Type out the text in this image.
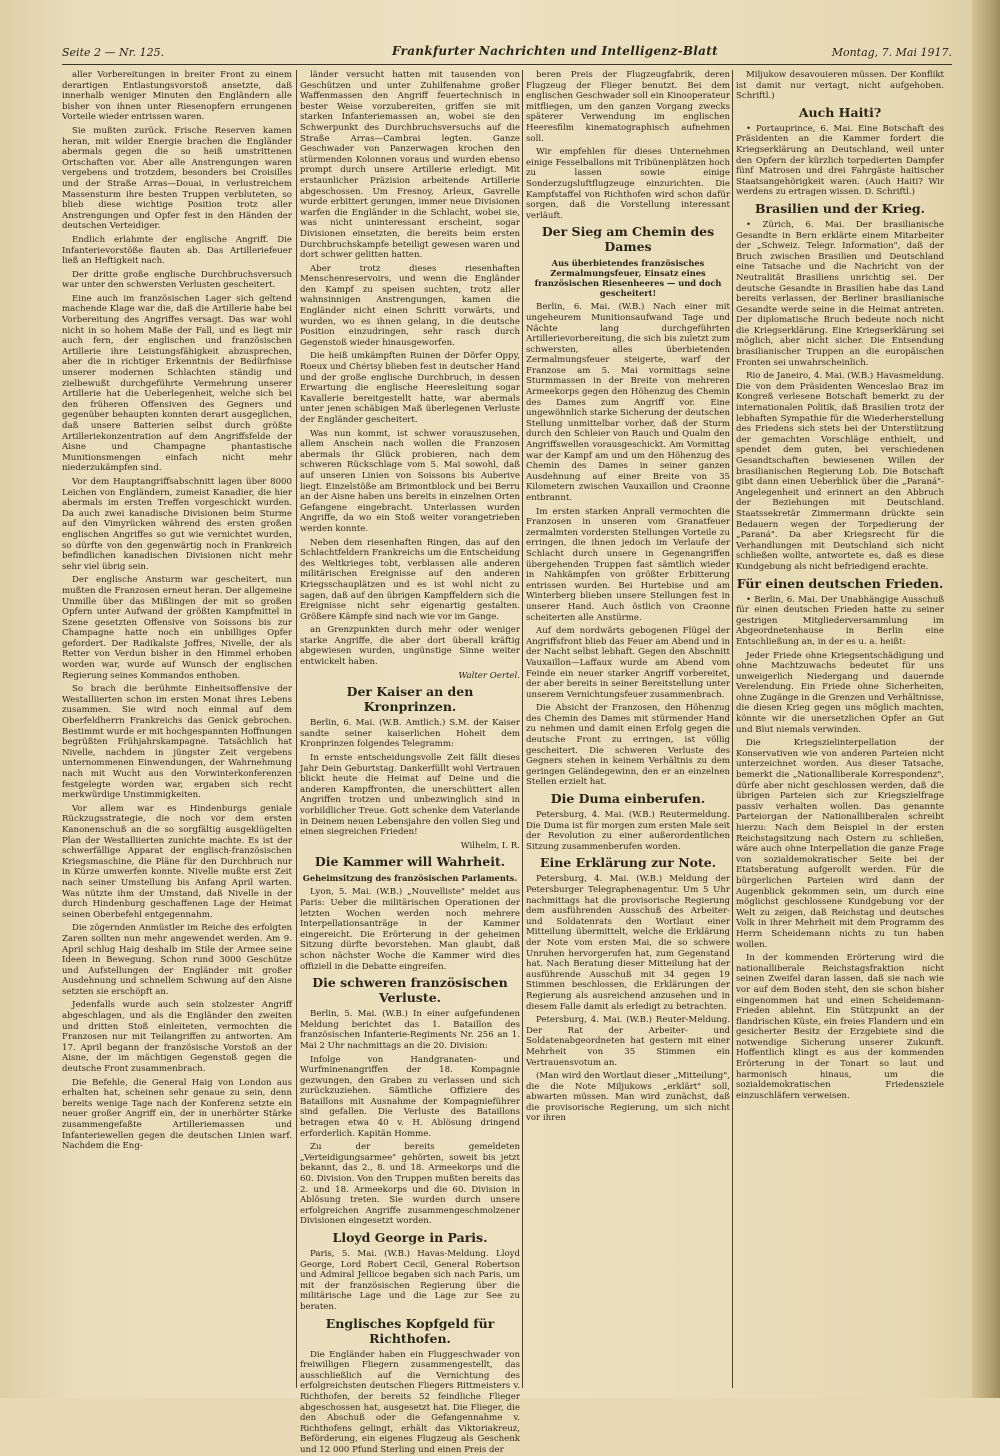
Seite 2 — Nr. 125.	Frankfurter Nachrichten und Intelligenz-Blatt	Montag, 7. Mai 1917.

aller Vorbereitungen in breiter Front zu einem derartigen Entlastungsvorstoß ansetzte, daß innerhalb weniger Minuten den Engländern alle bisher von ihnen unter Riesenopfern errungenen Vorteile wieder entrissen waren.

Sie mußten zurück. Frische Reserven kamen heran, mit wilder Energie brachen die Engländer abermals gegen die so heiß umstrittenen Ortschaften vor. Aber alle Anstrengungen waren vergebens und trotzdem, besonders bei Croisilles und der Straße Arras—Douai, in verlustreichem Massensturm ihre besten Truppen verbluteten, so blieb diese wichtige Position trotz aller Anstrengungen und Opfer fest in den Händen der deutschen Verteidiger.

Endlich erlahmte der englische Angriff. Die Infanterievorstöße flauten ab. Das Artilleriefeuer ließ an Heftigkeit nach.

Der dritte große englische Durchbruchsversuch war unter den schwersten Verlusten gescheitert.

Eine auch im französischen Lager sich geltend machende Klage war die, daß die Artillerie habe bei Vorbereitung des Angriffes versagt. Das war wohl nicht in so hohem Maße der Fall, und es liegt mir auch fern, der englischen und französischen Artillerie ihre Leistungsfähigkeit abzusprechen, aber die in richtiger Erkenntnis der Bedürfnisse unserer modernen Schlachten ständig und zielbewußt durchgeführte Vermehrung unserer Artillerie hat die Ueberlegenheit, welche sich bei den früheren Offensiven des Gegners und gegenüber behaupten konnten derart ausgeglichen, daß unsere Batterien selbst durch größte Artilleriekonzentration auf dem Angriffsfelde der Aisne und Champagne phantastische Munitionsmengen einfach nicht mehr niederzukämpfen sind.

Vor dem Hauptangriffsabschnitt lagen über 8000 Leichen von Engländern, zumeist Kanadier, die hier abermals im ersten Treffen vorgeschickt wurden. Da auch zwei kanadische Divisionen beim Sturme auf den Vimyrücken während des ersten großen englischen Angriffes so gut wie vernichtet wurden, so dürfte von den gegenwärtig noch in Frankreich befindlichen kanadischen Divisionen nicht mehr sehr viel übrig sein.

Der englische Ansturm war gescheitert, nun mußten die Franzosen erneut heran. Der allgemeine Unmille über das Mißlingen der mit so großen Opfern unter Aufwand der größten Kampfmittel in Szene gesetzten Offensive von Soissons bis zur Champagne hatte noch ein unbilliges Opfer gefordert. Der Radikalste Joffres, Nivelle, der als Retter von Verdun bisher in den Himmel erhoben worden war, wurde auf Wunsch der englischen Regierung seines Kommandos enthoben.

So brach die berühmte Einheitsoffensive der Westalliierten schon im ersten Monat ihres Lebens zusammen. Sie wird noch einmal auf dem Oberfeldherrn Frankreichs das Genick gebrochen. Bestimmt wurde er mit hochgespannten Hoffnungen begrüßten Frühjahrskampagne. Tatsächlich hat Nivelle, nachdem in jüngster Zeit vergebens unternommenen Einwendungen, der Wahrnehmung nach mit Wucht aus den Vorwinterkonferenzen festgelegte worden war, ergaben sich recht merkwürdige Unstimmigkeiten.

Vor allem war es Hindenburgs geniale Rückzugsstrategie, die noch vor dem ersten Kanonenschuß an die so sorgfältig ausgeklügelten Plan der Westalliierten zunichte machte. Es ist der schwerfällige Apparat der englisch-französischen Kriegsmaschine, die Pläne für den Durchbruch nur in Kürze umwerfen konnte. Nivelle mußte erst Zeit nach seiner Umstellung bis Anfang April warten. Was nützte ihm der Umstand, daß Nivelle in der durch Hindenburg geschaffenen Lage der Heimat seinen Oberbefehl entgegennahm.

Die zögernden Anmüstler im Reiche des erfolgten Zaren sollten nun mehr angewendet werden. Am 9. April schlug Haig deshalb im Stile der Armee seine Ideen in Bewegung. Schon rund 3000 Geschütze und Aufstellungen der Engländer mit großer Ausdehnung und schnellem Schwung auf den Aisne setzten sie erschöpft an.

Jedenfalls wurde auch sein stolzester Angriff abgeschlagen, und als die Engländer den zweiten und dritten Stoß einleiteten, vermochten die Franzosen nur mit Teilangriffen zu antworten. Am 17. April begann der französische Vorstoß an der Aisne, der im mächtigen Gegenstoß gegen die deutsche Front zusammenbrach.

Die Befehle, die General Haig von London aus erhalten hat, scheinen sehr genaue zu sein, denn bereits wenige Tage nach der Konferenz setzte ein neuer großer Angriff ein, der in unerhörter Stärke zusammengefaßte Artilleriemassen und Infanteriewellen gegen die deutschen Linien warf. Nachdem die Eng-

länder versucht hatten mit tausenden von Geschützen und unter Zuhilfenahme großer Waffenmassen den Angriff feuertechnisch in bester Weise vorzubereiten, griffen sie mit starken Infanteriemassen an, wobei sie den Schwerpunkt des Durchbruchsversuchs auf die Straße Arras—Cambrai legten. Ganze Geschwader von Panzerwagen krochen den stürmenden Kolonnen voraus und wurden ebenso prompt durch unsere Artillerie erledigt. Mit erstaunlicher Präzision arbeitende Artillerie abgeschossen. Um Fresnoy, Arleux, Gavrelle wurde erbittert gerungen, immer neue Divisionen warfen die Engländer in die Schlacht, wobei sie, was nicht uninteressant erscheint, sogar Divisionen einsetzten, die bereits beim ersten Durchbruchskampfe beteiligt gewesen waren und dort schwer gelitten hatten.

Aber trotz dieses riesenhaften Menschenreservoirs, und wenn die Engländer den Kampf zu speisen suchten, trotz aller wahnsinnigen Anstrengungen, kamen die Engländer nicht einen Schritt vorwärts, und wurden, wo es ihnen gelang, in die deutsche Position einzudringen, sehr rasch durch Gegenstoß wieder hinausgeworfen.

Die heiß umkämpften Ruinen der Dörfer Oppy, Roeux und Chérisy blieben fest in deutscher Hand und der große englische Durchbruch, in dessen Erwartung die englische Heeresleitung sogar Kavallerie bereitgestellt hatte, war abermals unter jenen schäbigen Maß überlegenen Verluste der Engländer gescheitert.

Was nun kommt, ist schwer vorauszusehen, allem Anschein nach wollen die Franzosen abermals ihr Glück probieren, nach dem schweren Rückschlage vom 5. Mai sowohl, daß auf unseren Linien von Soissons bis Auberive liegt. Einzelstöße am Brimontblock und bei Berru an der Aisne haben uns bereits in einzelnen Orten Gefangene eingebracht. Unterlassen wurden Angriffe, da wo ein Stoß weiter vorangetrieben werden konnte.

Neben dem riesenhaften Ringen, das auf den Schlachtfeldern Frankreichs um die Entscheidung des Weltkrieges tobt, verblassen alle anderen militärischen Ereignisse auf den anderen Kriegsschauplätzen und es ist wohl nicht zu sagen, daß auf den übrigen Kampffeldern sich die Ereignisse nicht sehr eigenartig gestalten. Größere Kämpfe sind nach wie vor im Gange.

an Grenzpunkten durch mehr oder weniger starke Angriffe, die aber dort überall kräftig abgewiesen wurden, ungünstige Sinne weiter entwickelt haben.

Walter Oertel.

Der Kaiser an den Kronprinzen.

Berlin, 6. Mai. (W.B. Amtlich.) S.M. der Kaiser sandte seiner kaiserlichen Hoheit dem Kronprinzen folgendes Telegramm:

In ernste entscheidungsvolle Zeit fällt dieses Jahr Dein Geburtstag. Dankerfüllt wohl Vertrauen blickt heute die Heimat auf Deine und die anderen Kampffronten, die unerschüttert allen Angriffen trotzen und unbezwinglich sind in vorbildlicher Treue. Gott schenke dem Vaterlande in Deinem neuen Lebensjahre den vollen Sieg und einen siegreichen Frieden!

Wilhelm, I. R.

Die Kammer will Wahrheit.
Geheimsitzung des französischen Parlaments.

Lyon, 5. Mai. (W.B.) „Nouvelliste" meldet aus Paris: Ueber die militärischen Operationen der letzten Wochen werden noch mehrere Interpellationsanträge in der Kammer eingereicht. Die Erörterung in der geheimen Sitzung dürfte bevorstehen. Man glaubt, daß schon nächster Woche die Kammer wird dies offiziell in die Debatte eingreifen.

Die schweren französischen Verluste.

Berlin, 5. Mai. (W.B.) In einer aufgefundenen Meldung berichtet das 1. Bataillon des französischen Infanterie-Regiments Nr. 256 an 1. Mai 2 Uhr nachmittags an die 20. Division:

Infolge von Handgranaten- und Wurfminenangriffen der 18. Kompagnie gezwungen, den Graben zu verlassen und sich zurückzuziehen. Sämtliche Offiziere des Bataillons mit Ausnahme der Kompagnieführer sind gefallen. Die Verluste des Bataillons betragen etwa 40 v. H. Ablösung dringend erforderlich. Kapitän Homme.

Zu der bereits gemeldeten „Verteidigungsarmee" gehörten, soweit bis jetzt bekannt, das 2., 8. und 18. Armeekorps und die 60. Division. Von den Truppen mußten bereits das 2. und 18. Armeekorps und die 60. Division in Ablösung treten. Sie wurden durch unsere erfolgreichen Angriffe zusammengeschmolzener Divisionen eingesetzt worden.

Lloyd George in Paris.

Paris, 5. Mai. (W.B.) Havas-Meldung. Lloyd George, Lord Robert Cecil, General Robertson und Admiral Jellicoe begaben sich nach Paris, um mit der französischen Regierung über die militärische Lage und die Lage zur See zu beraten.

Englisches Kopfgeld für Richthofen.

Die Engländer haben ein Fluggeschwader von freiwilligen Fliegern zusammengestellt, das ausschließlich auf die Vernichtung des erfolgreichsten deutschen Fliegers Rittmeisters v. Richthofen, der bereits 52 feindliche Flieger abgeschossen hat, ausgesetzt hat. Die Flieger, die den Abschuß oder die Gefangennahme v. Richthofens gelingt, erhält das Viktoriakreuz, Beförderung, ein eigenes Flugzeug als Geschenk und 12 000 Pfund Sterling und einen Preis der

beren Preis der Flugzeugfabrik, deren Flugzeug der Flieger benutzt. Bei dem englischen Geschwader soll ein Kinooperateur mitfliegen, um den ganzen Vorgang zwecks späterer Verwendung im englischen Heeresfilm kinematographisch aufnehmen soll.

Wir empfehlen für dieses Unternehmen einige Fesselballons mit Tribünenplätzen hoch zu lassen sowie einige Sonderzugsluftflugzeuge einzurichten. Die Kampfstaffel von Richthofen wird schon dafür sorgen, daß die Vorstellung interessant verläuft.

Der Sieg am Chemin des Dames
Aus überbietendes französisches Zermalmungsfeuer, Einsatz eines französischen Riesenheeres — und doch gescheitert!

Berlin, 6. Mai. (W.B.) Nach einer mit ungeheurem Munitionsaufwand Tage und Nächte lang durchgeführten Artillerievorbereitung, die sich bis zuletzt zum schwersten, alles überbietenden Zermalmungsfeuer steigerte, warf der Franzose am 5. Mai vormittags seine Sturmmassen in der Breite von mehreren Armeekorps gegen den Höhenzug des Chemin des Dames zum Angriff vor. Eine ungewöhnlich starke Sicherung der deutschen Stellung unmittelbar vorher, daß der Sturm durch den Schleier von Rauch und Qualm den Angriffswellen vorausgeschickt. Am Vormittag war der Kampf am und um den Höhenzug des Chemin des Dames in seiner ganzen Ausdehnung auf einer Breite von 35 Kilometern zwischen Vauxaillon und Craonne entbrannt.

Im ersten starken Anprall vermochten die Franzosen in unseren vom Granatfeuer zermalmten vordersten Stellungen Vorteile zu erringen, die ihnen jedoch im Verlaufe der Schlacht durch unsere in Gegenangriffen übergehenden Truppen fast sämtlich wieder in Nahkämpfen von größter Erbitterung entrissen wurden. Bei Hurtebise und am Winterberg blieben unsere Stellungen fest in unserer Hand. Auch östlich von Craonne scheiterten alle Anstürme.

Auf dem nordwärts gebogenen Flügel der Angriffsfront blieb das Feuer am Abend und in der Nacht selbst lebhaft. Gegen den Abschnitt Vauxaillon—Laffaux wurde am Abend vom Feinde ein neuer starker Angriff vorbereitet, der aber bereits in seiner Bereitstellung unter unserem Vernichtungsfeuer zusammenbrach.

Die Absicht der Franzosen, den Höhenzug des Chemin des Dames mit stürmender Hand zu nehmen und damit einen Erfolg gegen die deutsche Front zu erringen, ist völlig gescheitert. Die schweren Verluste des Gegners stehen in keinem Verhältnis zu dem geringen Geländegewinn, den er an einzelnen Stellen erzielt hat.

Die Duma einberufen.

Petersburg, 4. Mai. (W.B.) Reutermeldung. Die Duma ist für morgen zum ersten Male seit der Revolution zu einer außerordentlichen Sitzung zusammenberufen worden.

Eine Erklärung zur Note.

Petersburg, 4. Mai. (W.B.) Meldung der Petersburger Telegraphenagentur. Um 5 Uhr nachmittags hat die provisorische Regierung dem ausführenden Ausschuß des Arbeiter- und Soldatenrats den Wortlaut einer Mitteilung übermittelt, welche die Erklärung der Note vom ersten Mai, die so schwere Unruhen hervorgerufen hat, zum Gegenstand hat. Nach Beratung dieser Mitteilung hat der ausführende Ausschuß mit 34 gegen 19 Stimmen beschlossen, die Erklärungen der Regierung als ausreichend anzusehen und in diesem Falle damit als erledigt zu betrachten.

Petersburg, 4. Mai. (W.B.) Reuter-Meldung. Der Rat der Arbeiter- und Soldatenabgeordneten hat gestern mit einer Mehrheit von 35 Stimmen ein Vertrauensvotum an.

(Man wird den Wortlaut dieser „Mitteilung", die die Note Miljukows „erklärt" soll, abwarten müssen. Man wird zunächst, daß die provisorische Regierung, um sich nicht vor ihren

Miljukow desavouieren müssen. Der Konflikt ist damit nur vertagt, nicht aufgehoben. Schriftl.)

Auch Haiti?

• Portauprince, 6. Mai. Eine Botschaft des Präsidenten an die Kammer fordert die Kriegserklärung an Deutschland, weil unter den Opfern der kürzlich torpedierten Dampfer fünf Matrosen und drei Fahrgäste haitischer Staatsangehörigkeit waren. (Auch Haiti? Wir werdens zu ertragen wissen. D. Schriftl.)

Brasilien und der Krieg.

• Zürich, 6. Mai. Der brasilianische Gesandte in Bern erklärte einem Mitarbeiter der „Schweiz. Telegr. Information", daß der Bruch zwischen Brasilien und Deutschland eine Tatsache und die Nachricht von der Neutralität Brasiliens unrichtig sei. Der deutsche Gesandte in Brasilien habe das Land bereits verlassen, der Berliner brasilianische Gesandte werde seine in die Heimat antreten. Der diplomatische Bruch bedeute noch nicht die Kriegserklärung. Eine Kriegserklärung sei möglich, aber nicht sicher. Die Entsendung brasilianischer Truppen an die europäischen Fronten sei unwahrscheinlich.

Rio de Janeiro, 4. Mai. (W.B.) Havasmeldung. Die von dem Präsidenten Wenceslao Braz im Kongreß verlesene Botschaft bemerkt zu der internationalen Politik, daß Brasilien trotz der lebhaften Sympathie für die Wiederherstellung des Friedens sich stets bei der Unterstützung der gemachten Vorschläge enthielt, und spendet dem guten, bei verschiedenen Gesandtschaften bewiesenen Willen der brasilianischen Regierung Lob. Die Botschaft gibt dann einen Ueberblick über die „Paraná"-Angelegenheit und erinnert an den Abbruch der Beziehungen mit Deutschland. Staatssekretär Zimmermann drückte sein Bedauern wegen der Torpedierung der „Paraná". Da aber Kriegsrecht für die Verhandlungen mit Deutschland sich nicht schließen wollte, antwortete es, daß es diese Kundgebung als nicht befriedigend erachte.

Für einen deutschen Frieden.

• Berlin, 6. Mai. Der Unabhängige Ausschuß für einen deutschen Frieden hatte zu seiner gestrigen Mitgliederversammlung im Abgeordnetenhause in Berlin eine Entschließung an, in der es u. a. heißt:

Jeder Friede ohne Kriegsentschädigung und ohne Machtzuwachs bedeutet für uns unweigerlich Niedergang und dauernde Verelendung. Ein Friede ohne Sicherheiten, ohne Zugänge in die Grenzen und Verhältnisse, die diesen Krieg gegen uns möglich machten, könnte wir die unersetzlichen Opfer an Gut und Blut niemals verwinden.

Die Kriegszielinterpellation der Konservativen wie von anderen Parteien nicht unterzeichnet worden. Aus dieser Tatsache, bemerkt die „Nationalliberale Korrespondenz", dürfe aber nicht geschlossen werden, daß die übrigen Parteien sich zur Kriegszielfrage passiv verhalten wollen. Das genannte Parteiorgan der Nationalliberalen schreibt hierzu: Nach dem Beispiel in der ersten Reichstagsitzung nach Ostern zu schließen, wäre auch ohne Interpellation die ganze Frage von sozialdemokratischer Seite bei der Etatsberatung aufgerollt werden. Für die bürgerlichen Parteien wird dann der Augenblick gekommen sein, um durch eine möglichst geschlossene Kundgebung vor der Welt zu zeigen, daß Reichstag und deutsches Volk in ihrer Mehrheit mit dem Programm des Herrn Scheidemann nichts zu tun haben wollen.

In der kommenden Erörterung wird die nationalliberale Reichstagsfraktion nicht seinen Zweifel daran lassen, daß sie nach wie vor auf dem Boden steht, den sie schon bisher eingenommen hat und einen Scheidemann-Frieden ablehnt. Ein Stützpunkt an der flandrischen Küste, ein freies Flandern und ein gesicherter Besitz der Erzgebiete sind die notwendige Sicherung unserer Zukunft. Hoffentlich klingt es aus der kommenden Erörterung in der Tonart so laut und harmonisch hinaus, um die sozialdemokratischen Friedensziele einzuschläfern verweisen.
